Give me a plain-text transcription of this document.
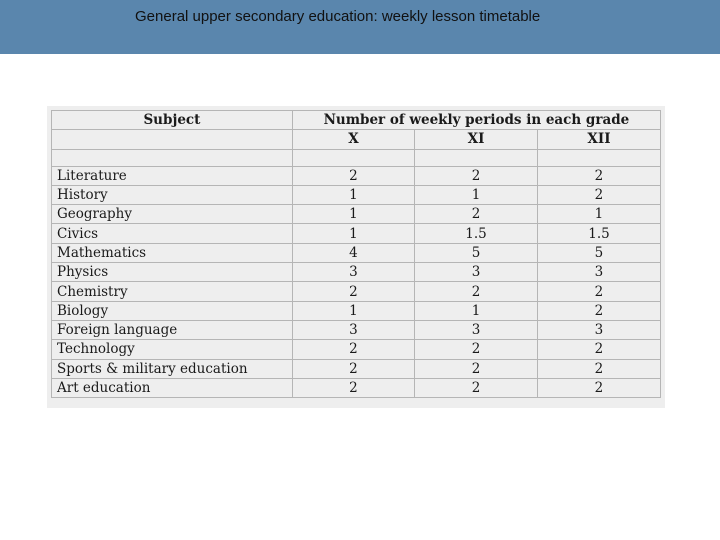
General upper secondary education: weekly lesson timetable
Subject	Number of weekly periods in each grade		
	X	XI	XII

Literature	2	2	2
History	1	1	2
Geography	1	2	1
Civics	1	1.5	1.5
Mathematics	4	5	5
Physics	3	3	3
Chemistry	2	2	2
Biology	1	1	2
Foreign language	3	3	3
Technology	2	2	2
Sports & military education	2	2	2
Art education	2	2	2
